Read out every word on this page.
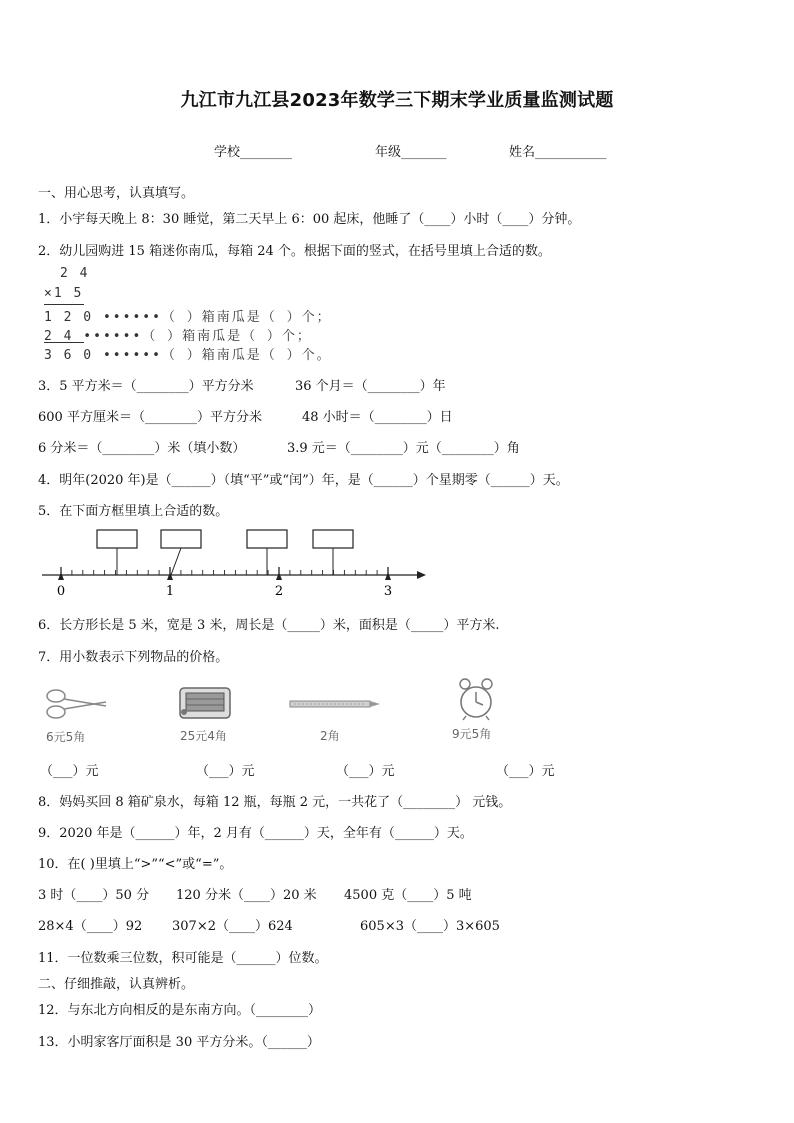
九江市九江县2023年数学三下期末学业质量监测试题
学校________	年级_______	姓名___________
一、用心思考，认真填写。
1．小宇每天晚上 8：30 睡觉，第二天早上 6：00 起床，他睡了（____）小时（____）分钟。
2．幼儿园购进 15 箱迷你南瓜，每箱 24 个。根据下面的竖式，在括号里填上合适的数。
2 4
×1 5
1 2 0 ••••••（ ）箱南瓜是（ ）个；
2 4 ••••••（ ）箱南瓜是（ ）个；
3 6 0 ••••••（ ）箱南瓜是（ ）个。
3．5 平方米＝（________）平方分米	36 个月＝（________）年
600 平方厘米＝（________）平方分米	48 小时＝（________）日
6 分米＝（________）米（填小数）	3.9 元＝（________）元（________）角
4．明年(2020 年)是（______）（填“平”或“闰”）年，是（______）个星期零（______）天。
5．在下面方框里填上合适的数。
0	1	2	3
6．长方形长是 5 米，宽是 3 米，周长是（_____）米，面积是（_____）平方米.
7．用小数表示下列物品的价格。
6元5角	25元4角	2角	9元5角
（___）元	（___）元	（___）元	（___）元
8．妈妈买回 8 箱矿泉水，每箱 12 瓶，每瓶 2 元，一共花了（________） 元钱。
9．2020 年是（______）年，2 月有（______）天，全年有（______）天。
10．在( )里填上“>”“<”或“=”。
3 时（____）50 分 120 分米（____）20 米 4500 克（____）5 吨
28×4（____）92 307×2（____）624	605×3（____）3×605
11．一位数乘三位数，积可能是（______）位数。
二、仔细推敲，认真辨析。
12．与东北方向相反的是东南方向。（________）
13．小明家客厅面积是 30 平方分米。（______）
